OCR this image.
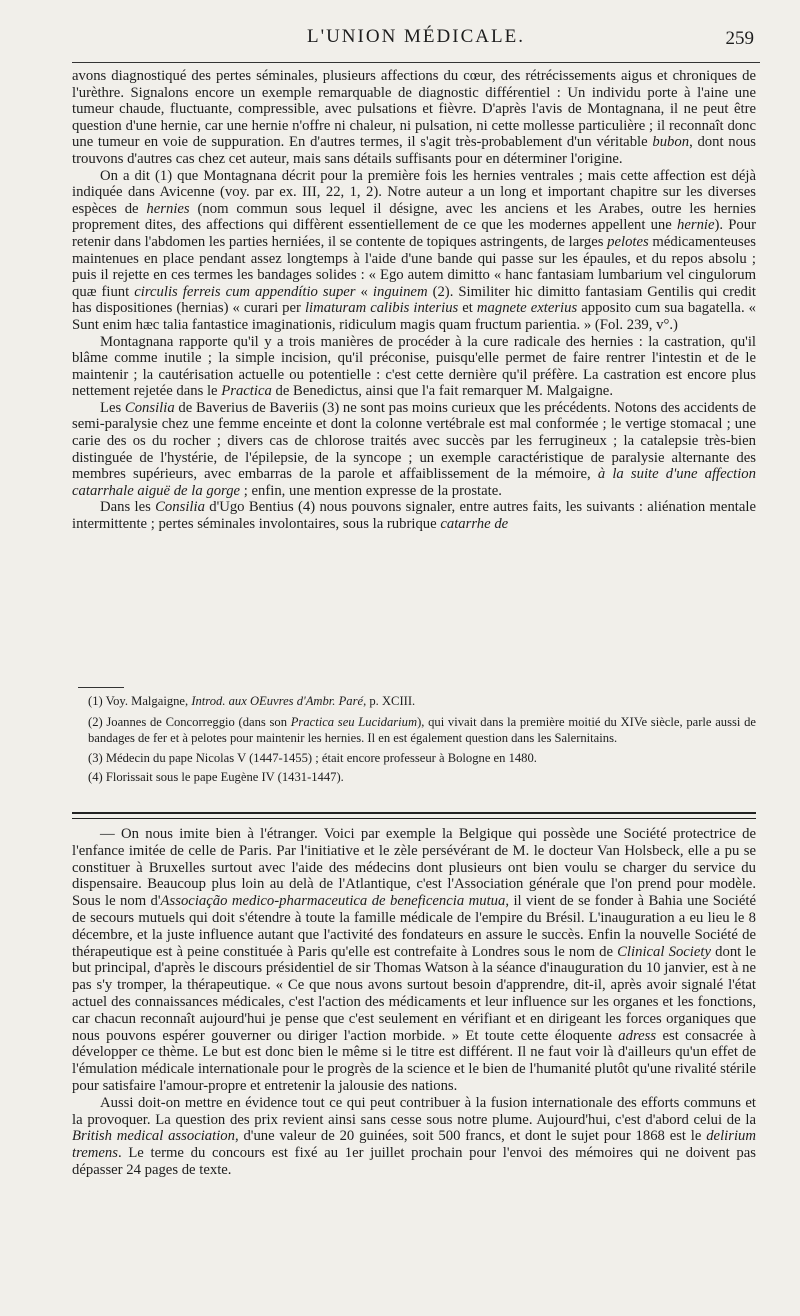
L'UNION MÉDICALE.	259

avons diagnostiqué des pertes séminales, plusieurs affections du cœur, des rétrécissements aigus et chroniques de l'urèthre. Signalons encore un exemple remarquable de diagnostic différentiel : Un individu porte à l'aine une tumeur chaude, fluctuante, compressible, avec pulsations et fièvre. D'après l'avis de Montagnana, il ne peut être question d'une hernie, car une hernie n'offre ni chaleur, ni pulsation, ni cette mollesse particulière ; il reconnaît donc une tumeur en voie de suppuration. En d'autres termes, il s'agit très-probablement d'un véritable bubon, dont nous trouvons d'autres cas chez cet auteur, mais sans détails suffisants pour en déterminer l'origine.

On a dit (1) que Montagnana décrit pour la première fois les hernies ventrales ; mais cette affection est déjà indiquée dans Avicenne (voy. par ex. III, 22, 1, 2). Notre auteur a un long et important chapitre sur les diverses espèces de hernies (nom commun sous lequel il désigne, avec les anciens et les Arabes, outre les hernies proprement dites, des affections qui diffèrent essentiellement de ce que les modernes appellent une hernie). Pour retenir dans l'abdomen les parties herniées, il se contente de topiques astringents, de larges pelotes médicamenteuses maintenues en place pendant assez longtemps à l'aide d'une bande qui passe sur les épaules, et du repos absolu ; puis il rejette en ces termes les bandages solides : « Ego autem dimitto « hanc fantasiam lumbarium vel cingulorum quæ fiunt circulis ferreis cum appendítio super « inguinem (2). Similiter hic dimitto fantasiam Gentilis qui credit has dispositiones (hernias) « curari per limaturam calibis interius et magnete exterius apposito cum sua bagatella. « Sunt enim hæc talia fantastice imaginationis, ridiculum magis quam fructum parientia. » (Fol. 239, v°.)

Montagnana rapporte qu'il y a trois manières de procéder à la cure radicale des hernies : la castration, qu'il blâme comme inutile ; la simple incision, qu'il préconise, puisqu'elle permet de faire rentrer l'intestin et de le maintenir ; la cautérisation actuelle ou potentielle : c'est cette dernière qu'il préfère. La castration est encore plus nettement rejetée dans le Practica de Benedictus, ainsi que l'a fait remarquer M. Malgaigne.

Les Consilia de Baverius de Baveriis (3) ne sont pas moins curieux que les précédents. Notons des accidents de semi-paralysie chez une femme enceinte et dont la colonne vertébrale est mal conformée ; le vertige stomacal ; une carie des os du rocher ; divers cas de chlorose traités avec succès par les ferrugineux ; la catalepsie très-bien distinguée de l'hystérie, de l'épilepsie, de la syncope ; un exemple caractéristique de paralysie alternante des membres supérieurs, avec embarras de la parole et affaiblissement de la mémoire, à la suite d'une affection catarrhale aiguë de la gorge ; enfin, une mention expresse de la prostate.

Dans les Consilia d'Ugo Bentius (4) nous pouvons signaler, entre autres faits, les suivants : aliénation mentale intermittente ; pertes séminales involontaires, sous la rubrique catarrhe de

(1) Voy. Malgaigne, Introd. aux OEuvres d'Ambr. Paré, p. XCIII.

(2) Joannes de Concorreggio (dans son Practica seu Lucidarium), qui vivait dans la première moitié du XIVe siècle, parle aussi de bandages de fer et à pelotes pour maintenir les hernies. Il en est également question dans les Salernitains.

(3) Médecin du pape Nicolas V (1447-1455) ; était encore professeur à Bologne en 1480.

(4) Florissait sous le pape Eugène IV (1431-1447).

— On nous imite bien à l'étranger. Voici par exemple la Belgique qui possède une Société protectrice de l'enfance imitée de celle de Paris. Par l'initiative et le zèle persévérant de M. le docteur Van Holsbeck, elle a pu se constituer à Bruxelles surtout avec l'aide des médecins dont plusieurs ont bien voulu se charger du service du dispensaire. Beaucoup plus loin au delà de l'Atlantique, c'est l'Association générale que l'on prend pour modèle. Sous le nom d'Associação medico-pharmaceutica de beneficencia mutua, il vient de se fonder à Bahia une Société de secours mutuels qui doit s'étendre à toute la famille médicale de l'empire du Brésil. L'inauguration a eu lieu le 8 décembre, et la juste influence autant que l'activité des fondateurs en assure le succès. Enfin la nouvelle Société de thérapeutique est à peine constituée à Paris qu'elle est contrefaite à Londres sous le nom de Clinical Society dont le but principal, d'après le discours présidentiel de sir Thomas Watson à la séance d'inauguration du 10 janvier, est à ne pas s'y tromper, la thérapeutique. « Ce que nous avons surtout besoin d'apprendre, dit-il, après avoir signalé l'état actuel des connaissances médicales, c'est l'action des médicaments et leur influence sur les organes et les fonctions, car chacun reconnaît aujourd'hui je pense que c'est seulement en vérifiant et en dirigeant les forces organiques que nous pouvons espérer gouverner ou diriger l'action morbide. » Et toute cette éloquente adress est consacrée à développer ce thème. Le but est donc bien le même si le titre est différent. Il ne faut voir là d'ailleurs qu'un effet de l'émulation médicale internationale pour le progrès de la science et le bien de l'humanité plutôt qu'une rivalité stérile pour satisfaire l'amour-propre et entretenir la jalousie des nations.

Aussi doit-on mettre en évidence tout ce qui peut contribuer à la fusion internationale des efforts communs et la provoquer. La question des prix revient ainsi sans cesse sous notre plume. Aujourd'hui, c'est d'abord celui de la British medical association, d'une valeur de 20 guinées, soit 500 francs, et dont le sujet pour 1868 est le delirium tremens. Le terme du concours est fixé au 1er juillet prochain pour l'envoi des mémoires qui ne doivent pas dépasser 24 pages de texte.
